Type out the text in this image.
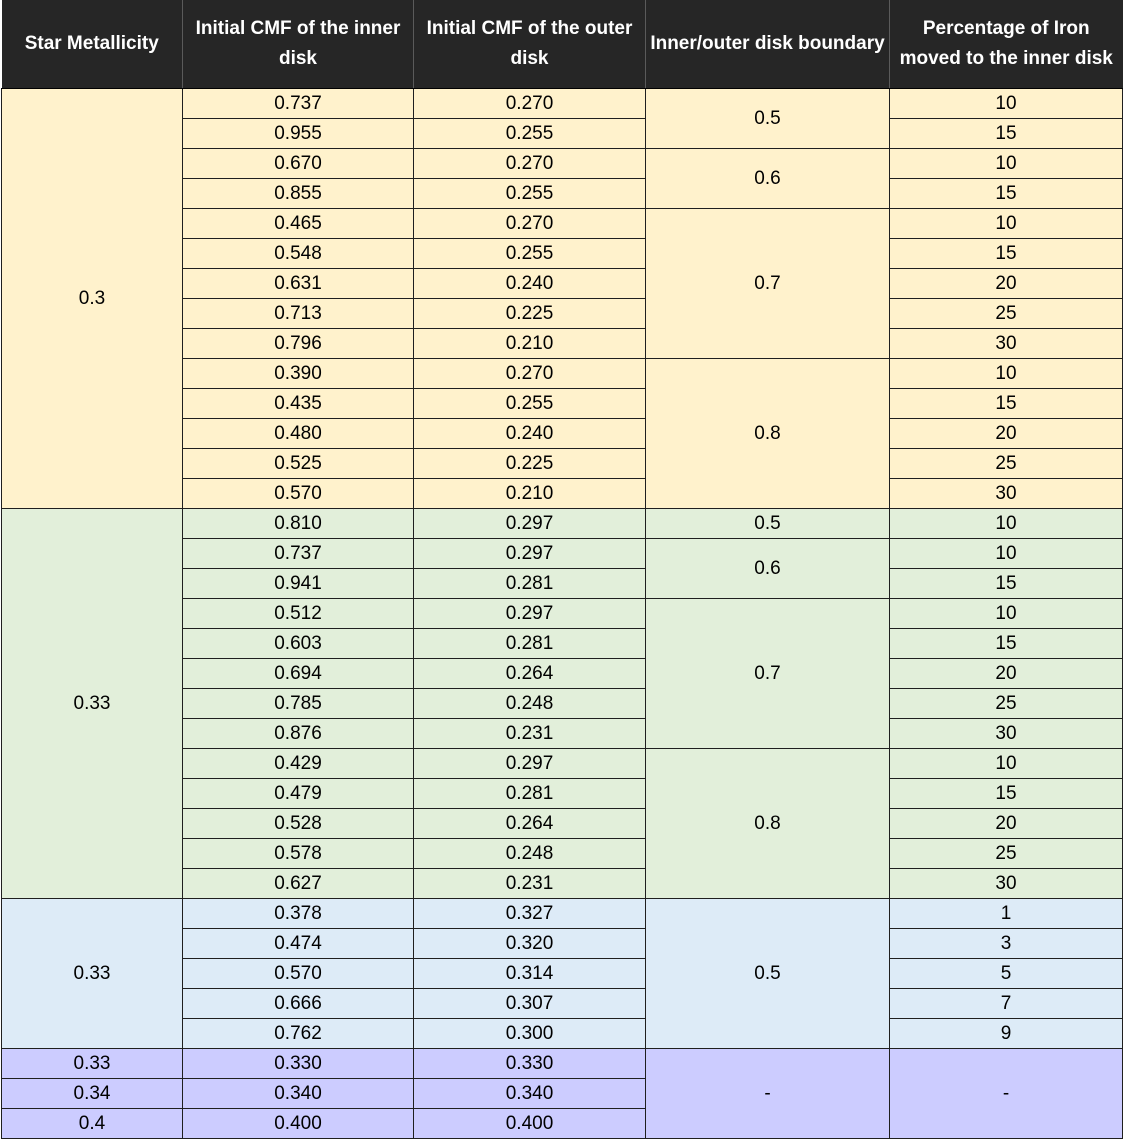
Star Metallicity	Initial CMF of the inner disk	Initial CMF of the outer disk	Inner/outer disk boundary	Percentage of Iron moved to the inner disk
0.3	0.737	0.270	0.5	10
	0.955	0.255		15
	0.670	0.270	0.6	10
	0.855	0.255		15
	0.465	0.270	0.7	10
	0.548	0.255		15
	0.631	0.240		20
	0.713	0.225		25
	0.796	0.210		30
	0.390	0.270	0.8	10
	0.435	0.255		15
	0.480	0.240		20
	0.525	0.225		25
	0.570	0.210		30
0.33	0.810	0.297	0.5	10
	0.737	0.297	0.6	10
	0.941	0.281		15
	0.512	0.297	0.7	10
	0.603	0.281		15
	0.694	0.264		20
	0.785	0.248		25
	0.876	0.231		30
	0.429	0.297	0.8	10
	0.479	0.281		15
	0.528	0.264		20
	0.578	0.248		25
	0.627	0.231		30
0.33	0.378	0.327	0.5	1
	0.474	0.320		3
	0.570	0.314		5
	0.666	0.307		7
	0.762	0.300		9
0.33	0.330	0.330	-	-
0.34	0.340	0.340		
0.4	0.400	0.400		
